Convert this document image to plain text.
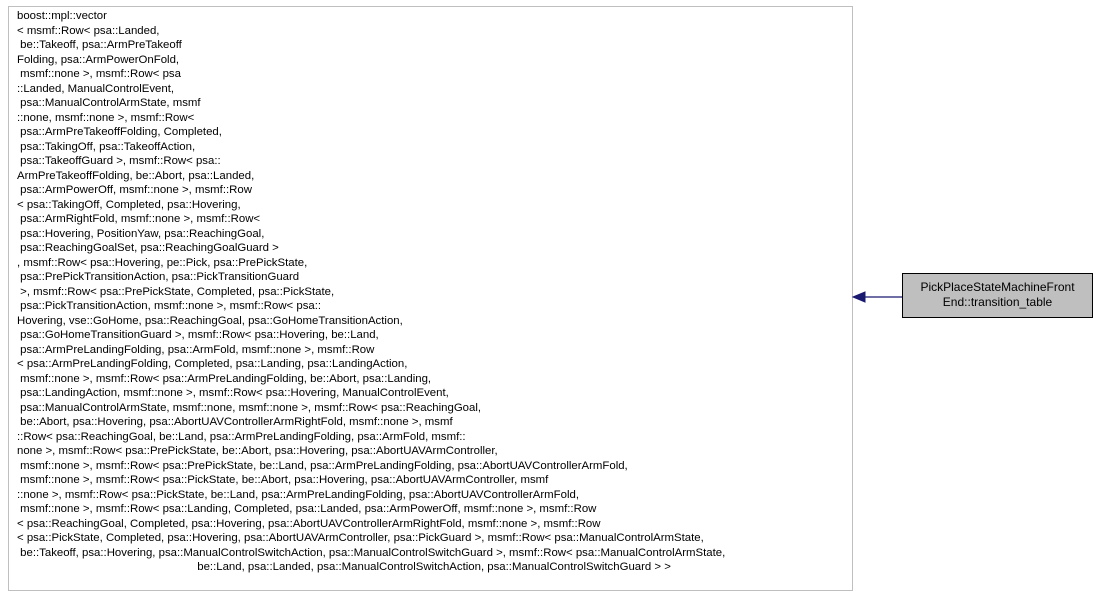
boost::mpl::vector
< msmf::Row< psa::Landed,
be::Takeoff, psa::ArmPreTakeoff
Folding, psa::ArmPowerOnFold,
msmf::none >, msmf::Row< psa
::Landed, ManualControlEvent,
psa::ManualControlArmState, msmf
::none, msmf::none >, msmf::Row<
psa::ArmPreTakeoffFolding, Completed,
psa::TakingOff, psa::TakeoffAction,
psa::TakeoffGuard >, msmf::Row< psa::
ArmPreTakeoffFolding, be::Abort, psa::Landed,
psa::ArmPowerOff, msmf::none >, msmf::Row
< psa::TakingOff, Completed, psa::Hovering,
psa::ArmRightFold, msmf::none >, msmf::Row<
psa::Hovering, PositionYaw, psa::ReachingGoal,
psa::ReachingGoalSet, psa::ReachingGoalGuard >
, msmf::Row< psa::Hovering, pe::Pick, psa::PrePickState,
psa::PrePickTransitionAction, psa::PickTransitionGuard
>, msmf::Row< psa::PrePickState, Completed, psa::PickState,
psa::PickTransitionAction, msmf::none >, msmf::Row< psa::
Hovering, vse::GoHome, psa::ReachingGoal, psa::GoHomeTransitionAction,
psa::GoHomeTransitionGuard >, msmf::Row< psa::Hovering, be::Land,
psa::ArmPreLandingFolding, psa::ArmFold, msmf::none >, msmf::Row
< psa::ArmPreLandingFolding, Completed, psa::Landing, psa::LandingAction,
msmf::none >, msmf::Row< psa::ArmPreLandingFolding, be::Abort, psa::Landing,
psa::LandingAction, msmf::none >, msmf::Row< psa::Hovering, ManualControlEvent,
psa::ManualControlArmState, msmf::none, msmf::none >, msmf::Row< psa::ReachingGoal,
be::Abort, psa::Hovering, psa::AbortUAVControllerArmRightFold, msmf::none >, msmf
::Row< psa::ReachingGoal, be::Land, psa::ArmPreLandingFolding, psa::ArmFold, msmf::
none >, msmf::Row< psa::PrePickState, be::Abort, psa::Hovering, psa::AbortUAVArmController,
msmf::none >, msmf::Row< psa::PrePickState, be::Land, psa::ArmPreLandingFolding, psa::AbortUAVControllerArmFold,
msmf::none >, msmf::Row< psa::PickState, be::Abort, psa::Hovering, psa::AbortUAVArmController, msmf
::none >, msmf::Row< psa::PickState, be::Land, psa::ArmPreLandingFolding, psa::AbortUAVControllerArmFold,
msmf::none >, msmf::Row< psa::Landing, Completed, psa::Landed, psa::ArmPowerOff, msmf::none >, msmf::Row
< psa::ReachingGoal, Completed, psa::Hovering, psa::AbortUAVControllerArmRightFold, msmf::none >, msmf::Row
< psa::PickState, Completed, psa::Hovering, psa::AbortUAVArmController, psa::PickGuard >, msmf::Row< psa::ManualControlArmState,
be::Takeoff, psa::Hovering, psa::ManualControlSwitchAction, psa::ManualControlSwitchGuard >, msmf::Row< psa::ManualControlArmState,
be::Land, psa::Landed, psa::ManualControlSwitchAction, psa::ManualControlSwitchGuard > >
PickPlaceStateMachineFront
End::transition_table
